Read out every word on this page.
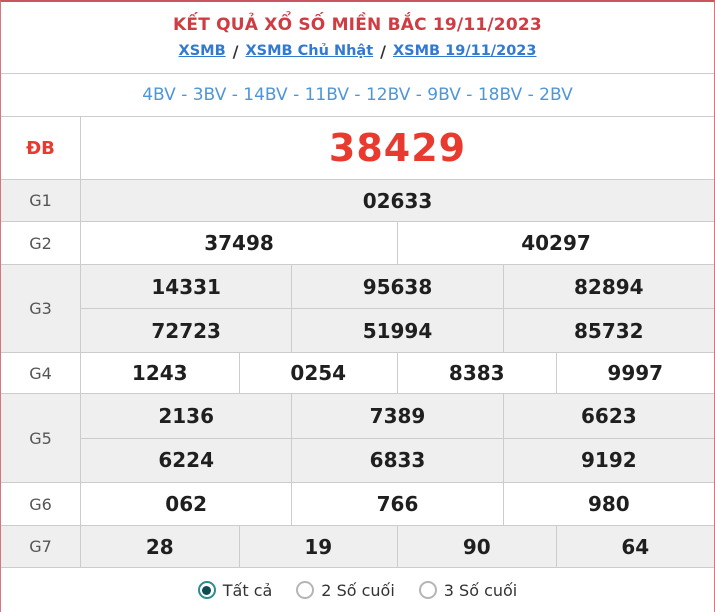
KẾT QUẢ XỔ SỐ MIỀN BẮC 19/11/2023
XSMB / XSMB Chủ Nhật / XSMB 19/11/2023
4BV - 3BV - 14BV - 11BV - 12BV - 9BV - 18BV - 2BV
ĐB	38429
G1	02633
G2	37498	40297
G3
14331	95638	82894
72723	51994	85732
G4	1243	0254	8383	9997
G5
2136	7389	6623
6224	6833	9192
G6	062	766	980
G7	28	19	90	64
Tất cả	2 Số cuối	3 Số cuối
